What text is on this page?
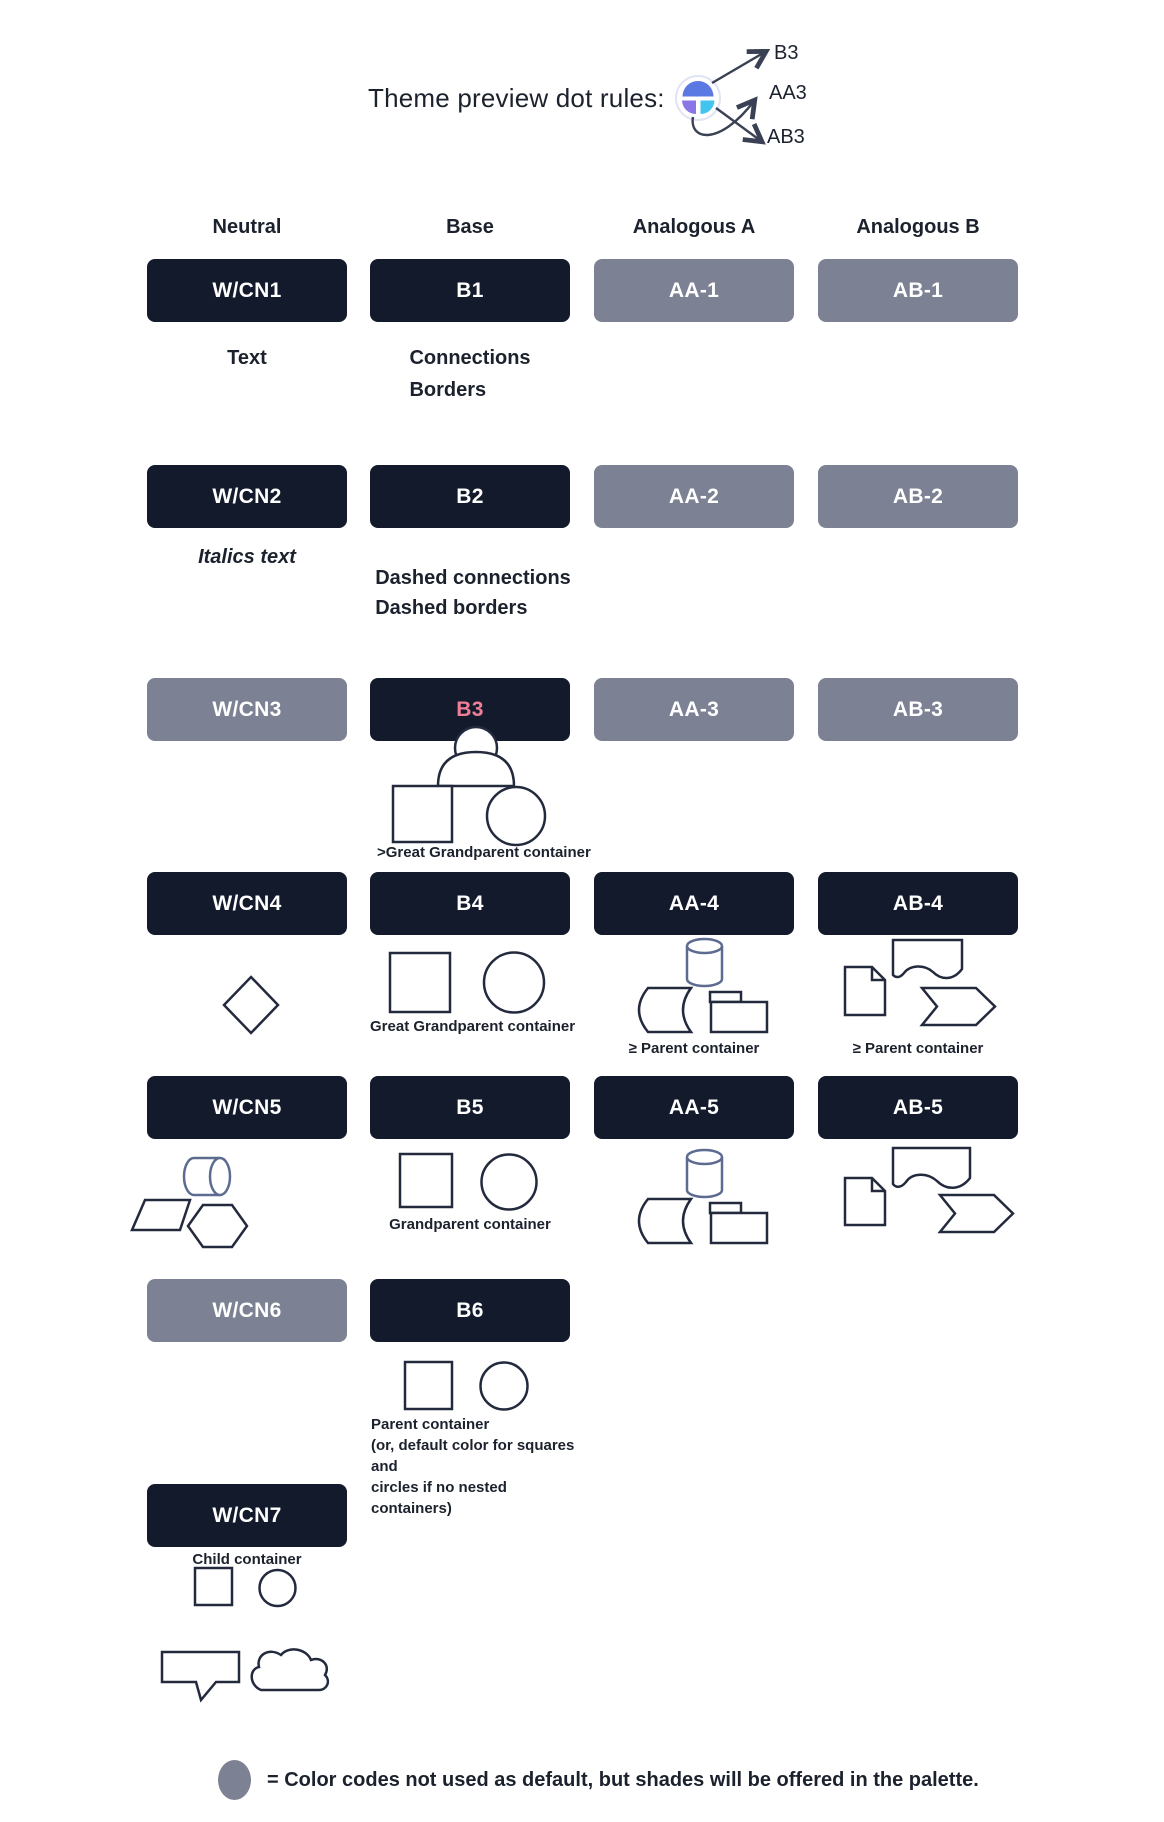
Theme preview dot rules:
B3
AA3
AB3
Neutral	Base	Analogous A	Analogous B
W/CN1	B1	AA-1	AB-1
Text	Connections
Borders
W/CN2	B2	AA-2	AB-2
Italics text
Dashed connections
Dashed borders
W/CN3	B3	AA-3	AB-3
>Great Grandparent container
W/CN4	B4	AA-4	AB-4
Great Grandparent container
≥ Parent container	≥ Parent container
W/CN5	B5	AA-5	AB-5
Grandparent container
W/CN6	B6
Parent container
(or, default color for squares and
circles if no nested containers)
W/CN7
Child container
= Color codes not used as default, but shades will be offered in the palette.
